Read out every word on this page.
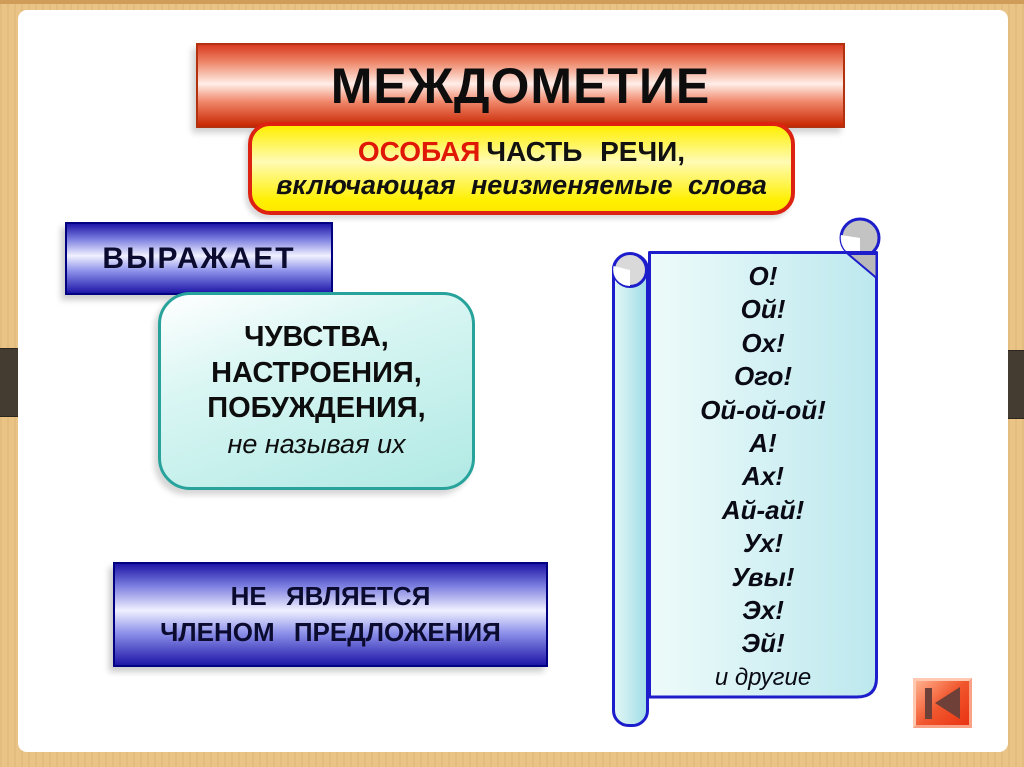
МЕЖДОМЕТИЕ
ОСОБАЯ ЧАСТЬ РЕЧИ,
включающая неизменяемые слова
ВЫРАЖАЕТ
ЧУВСТВА,
НАСТРОЕНИЯ,
ПОБУЖДЕНИЯ,
не называя их
НЕ ЯВЛЯЕТСЯ
ЧЛЕНОМ ПРЕДЛОЖЕНИЯ
О!
Ой!
Ох!
Ого!
Ой-ой-ой!
А!
Ах!
Ай-ай!
Ух!
Увы!
Эх!
Эй!
и другие
